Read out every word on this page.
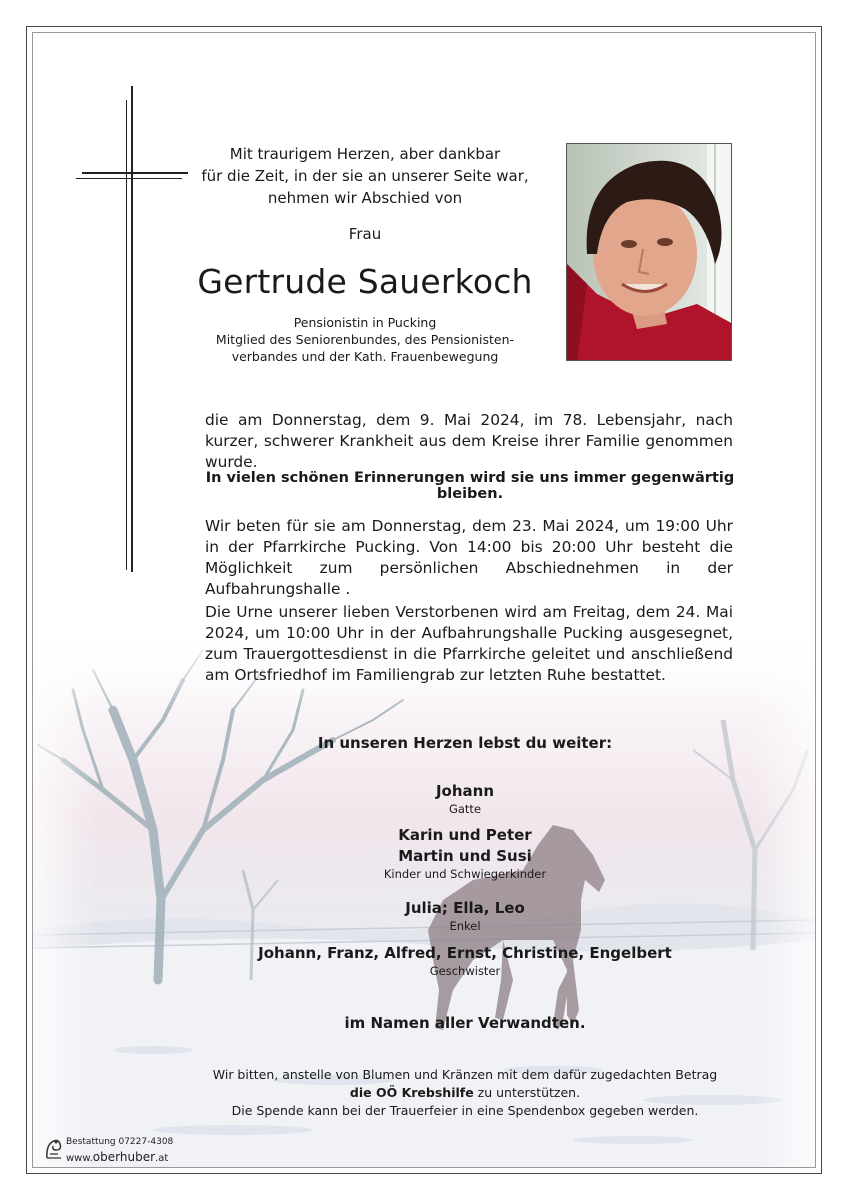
Mit traurigem Herzen, aber dankbar
für die Zeit, in der sie an unserer Seite war,
nehmen wir Abschied von
Frau
Gertrude Sauerkoch
Pensionistin in Pucking
Mitglied des Seniorenbundes, des Pensionisten-
verbandes und der Kath. Frauenbewegung
die am Donnerstag, dem 9. Mai 2024, im 78. Lebensjahr, nach kurzer, schwerer Krankheit aus dem Kreise ihrer Familie genommen wurde.
In vielen schönen Erinnerungen wird sie uns immer gegenwärtig bleiben.
Wir beten für sie am Donnerstag, dem 23. Mai 2024, um 19:00 Uhr in der Pfarrkirche Pucking. Von 14:00 bis 20:00 Uhr besteht die Möglichkeit zum persönlichen Abschiednehmen in der Aufbahrungshalle .
Die Urne unserer lieben Verstorbenen wird am Freitag, dem 24. Mai 2024, um 10:00 Uhr in der Aufbahrungshalle Pucking ausgesegnet, zum Trauergottesdienst in die Pfarrkirche geleitet und anschließend am Ortsfriedhof im Familiengrab zur letzten Ruhe bestattet.
In unseren Herzen lebst du weiter:
Johann
Gatte
Karin und Peter
Martin und Susi
Kinder und Schwiegerkinder
Julia; Ella, Leo
Enkel
Johann, Franz, Alfred, Ernst, Christine, Engelbert
Geschwister
im Namen aller Verwandten.
Wir bitten, anstelle von Blumen und Kränzen mit dem dafür zugedachten Betrag
die OÖ Krebshilfe zu unterstützen.
Die Spende kann bei der Trauerfeier in eine Spendenbox gegeben werden.
Bestattung 07227-4308
www.oberhuber.at
